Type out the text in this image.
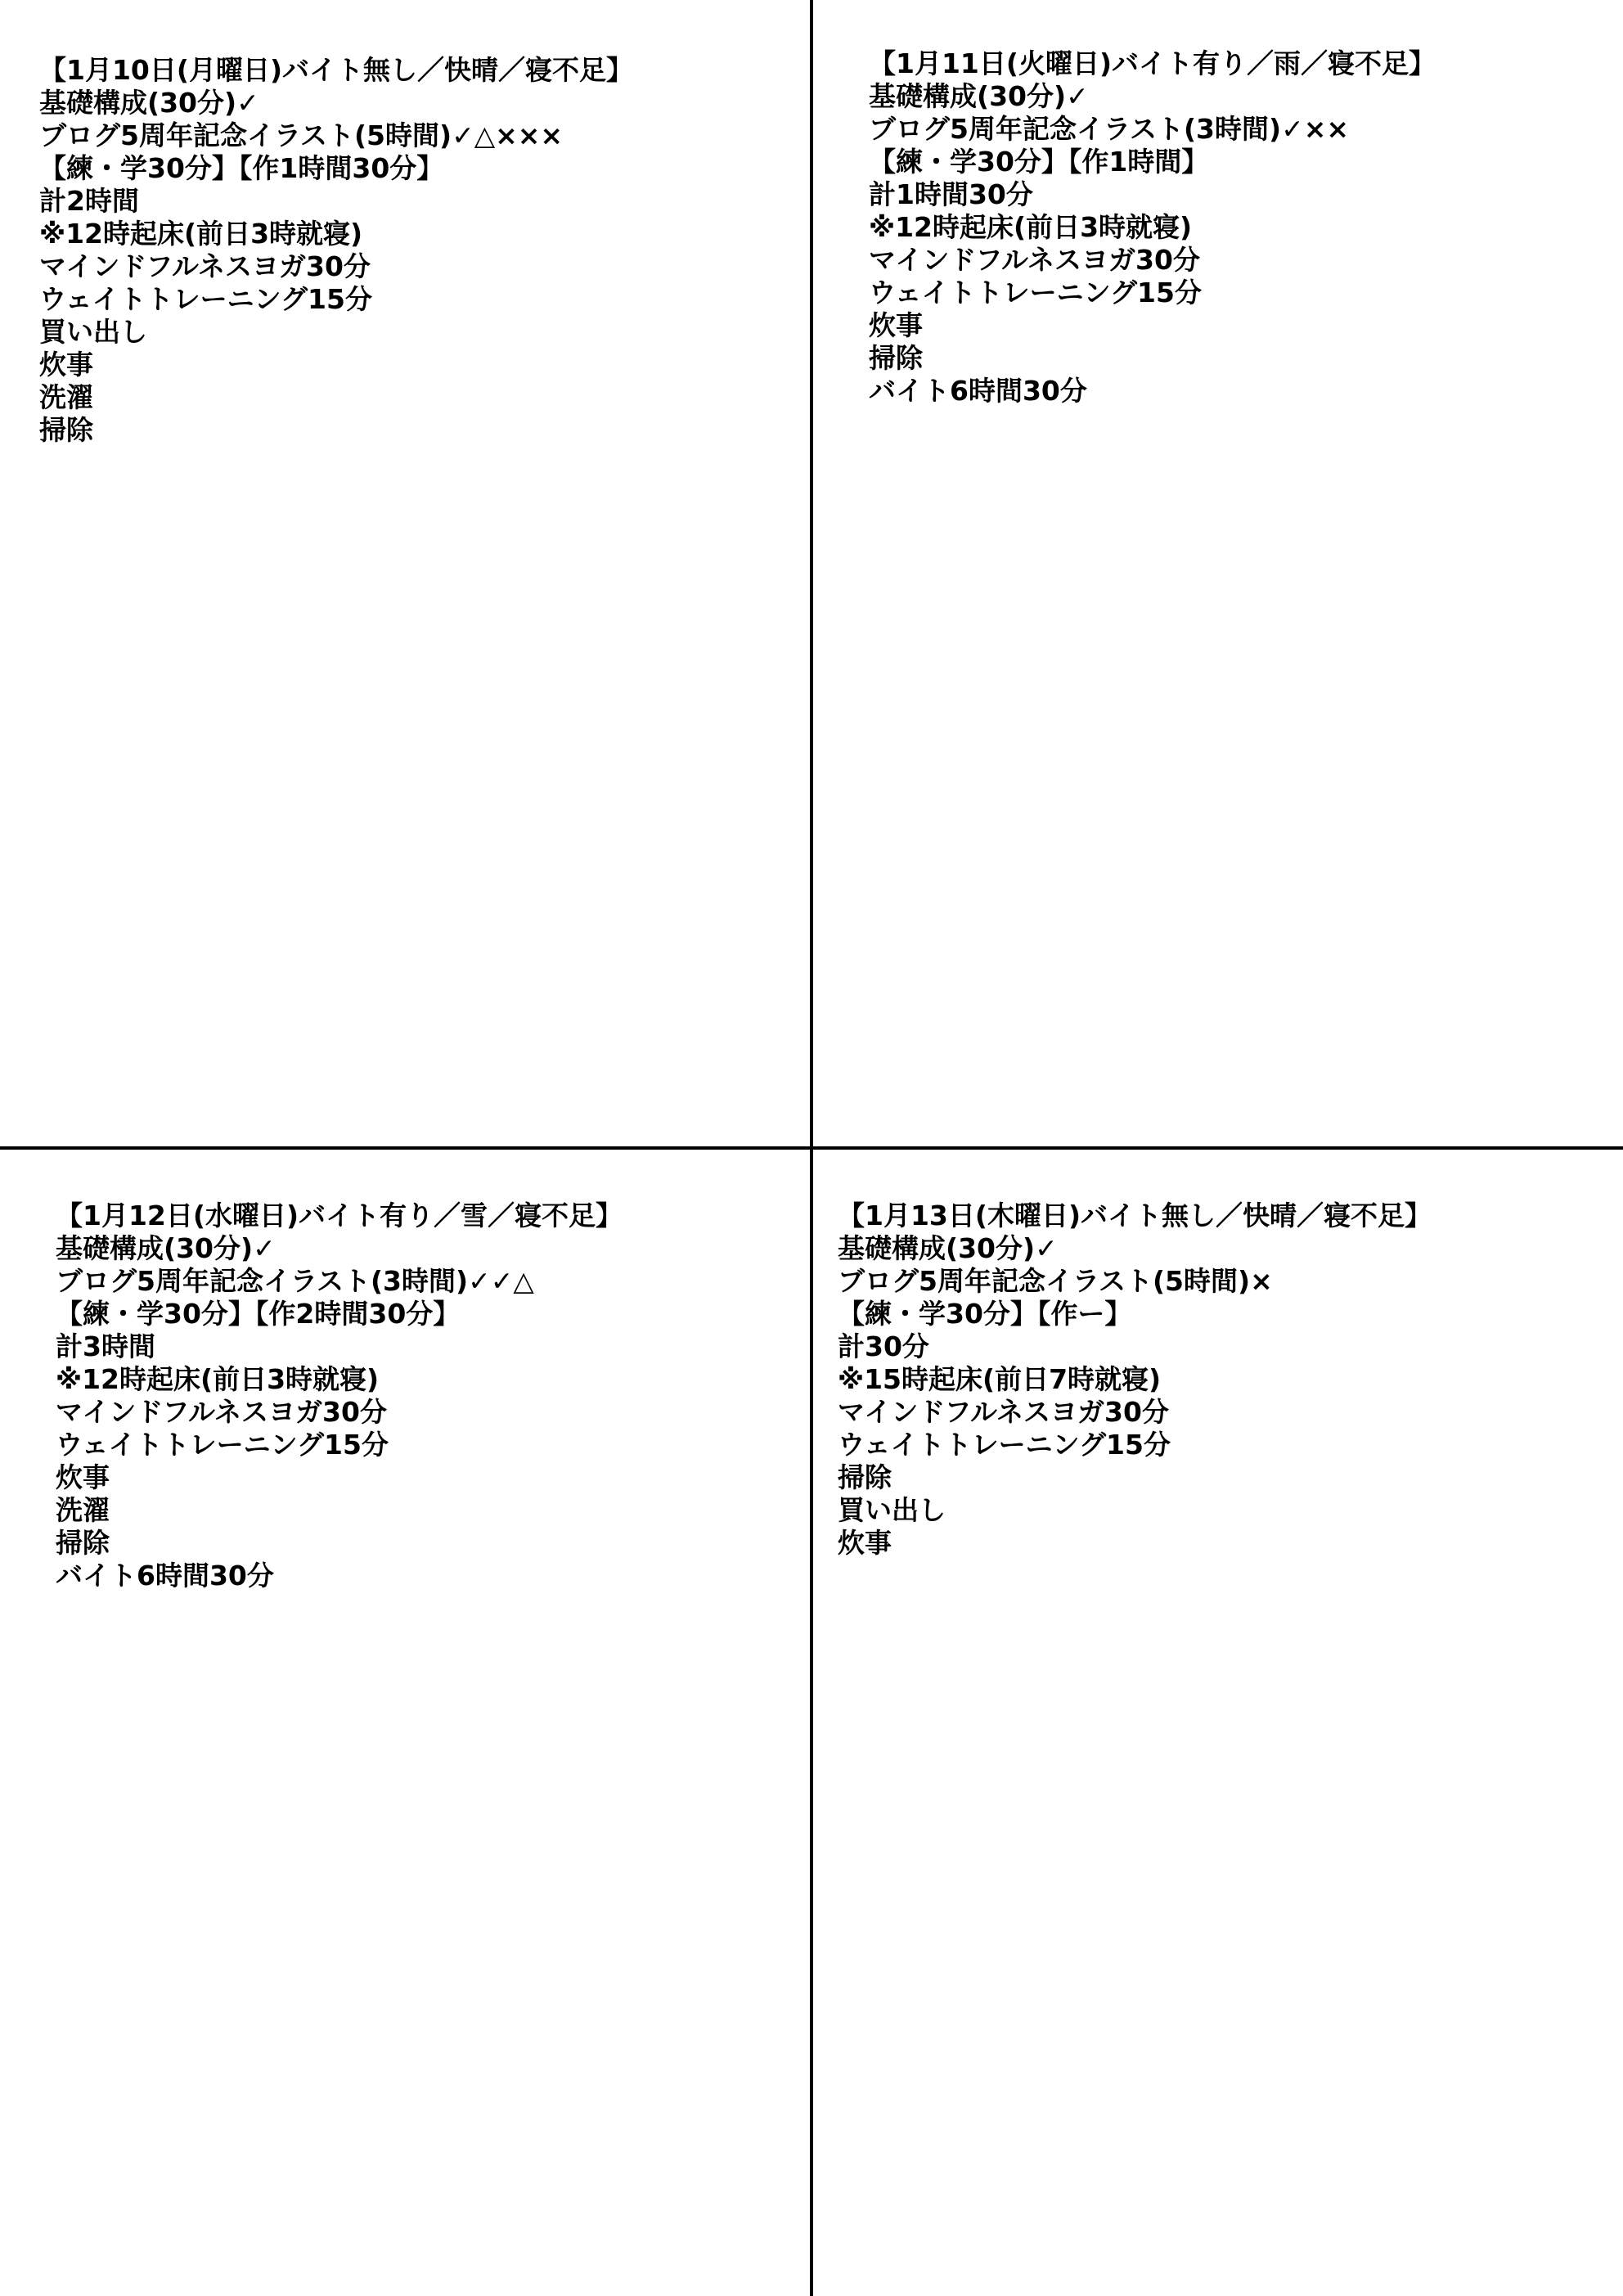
【1月10日(月曜日)バイト無し／快晴／寝不足】
基礎構成(30分)✓
ブログ5周年記念イラスト(5時間)✓△×××
【練・学30分】【作1時間30分】
計2時間
※12時起床(前日3時就寝)
マインドフルネスヨガ30分
ウェイトトレーニング15分
買い出し
炊事
洗濯
掃除
【1月11日(火曜日)バイト有り／雨／寝不足】
基礎構成(30分)✓
ブログ5周年記念イラスト(3時間)✓××
【練・学30分】【作1時間】
計1時間30分
※12時起床(前日3時就寝)
マインドフルネスヨガ30分
ウェイトトレーニング15分
炊事
掃除
バイト6時間30分
【1月12日(水曜日)バイト有り／雪／寝不足】
基礎構成(30分)✓
ブログ5周年記念イラスト(3時間)✓✓△
【練・学30分】【作2時間30分】
計3時間
※12時起床(前日3時就寝)
マインドフルネスヨガ30分
ウェイトトレーニング15分
炊事
洗濯
掃除
バイト6時間30分
【1月13日(木曜日)バイト無し／快晴／寝不足】
基礎構成(30分)✓
ブログ5周年記念イラスト(5時間)×
【練・学30分】【作ー】
計30分
※15時起床(前日7時就寝)
マインドフルネスヨガ30分
ウェイトトレーニング15分
掃除
買い出し
炊事
